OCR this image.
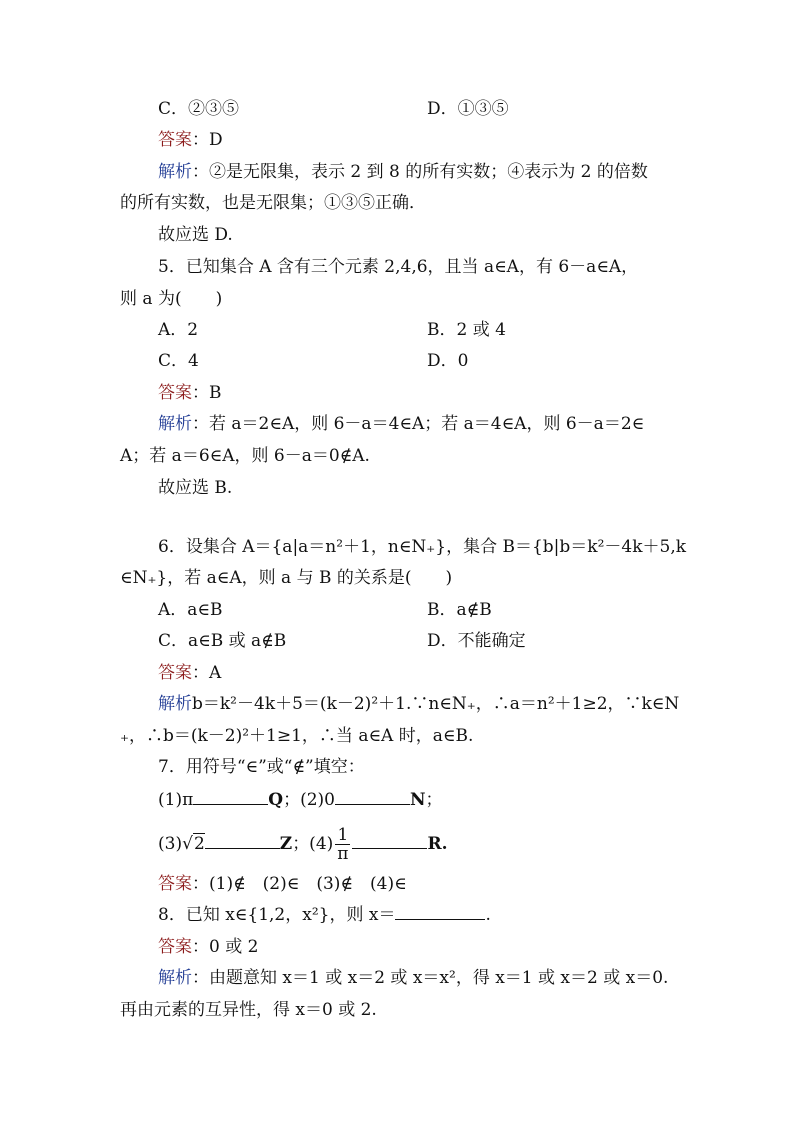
C．②③⑤	D．①③⑤
答案：D
解析：②是无限集，表示 2 到 8 的所有实数；④表示为 2 的倍数
的所有实数，也是无限集；①③⑤正确．
故应选 D.
5．已知集合 A 含有三个元素 2,4,6，且当 a∈A，有 6－a∈A，
则 a 为(　　)
A．2	B．2 或 4
C．4	D．0
答案：B
解析：若 a＝2∈A，则 6－a＝4∈A；若 a＝4∈A，则 6－a＝2∈
A；若 a＝6∈A，则 6－a＝0∉A.
故应选 B.
6．设集合 A＝{a|a＝n²＋1，n∈N₊}，集合 B＝{b|b＝k²－4k＋5,k
∈N₊}，若 a∈A，则 a 与 B 的关系是(　　)
A．a∈B	B．a∉B
C．a∈B 或 a∉B	D．不能确定
答案：A
解析b＝k²－4k＋5＝(k－2)²＋1.∵n∈N₊，∴a＝n²＋1≥2，∵k∈N
₊，∴b＝(k－2)²＋1≥1，∴当 a∈A 时，a∈B.
7．用符号“∈”或“∉”填空：
(1)π	Q；(2)0	N；
(3)√2	Z；$(4) \frac{1}{\pi}$	R.
答案：(1)∉　(2)∈　(3)∉　(4)∈
8．已知 x∈{1,2，x²}，则 x＝	.
答案：0 或 2
解析：由题意知 x＝1 或 x＝2 或 x＝x²，得 x＝1 或 x＝2 或 x＝0.
再由元素的互异性，得 x＝0 或 2.
